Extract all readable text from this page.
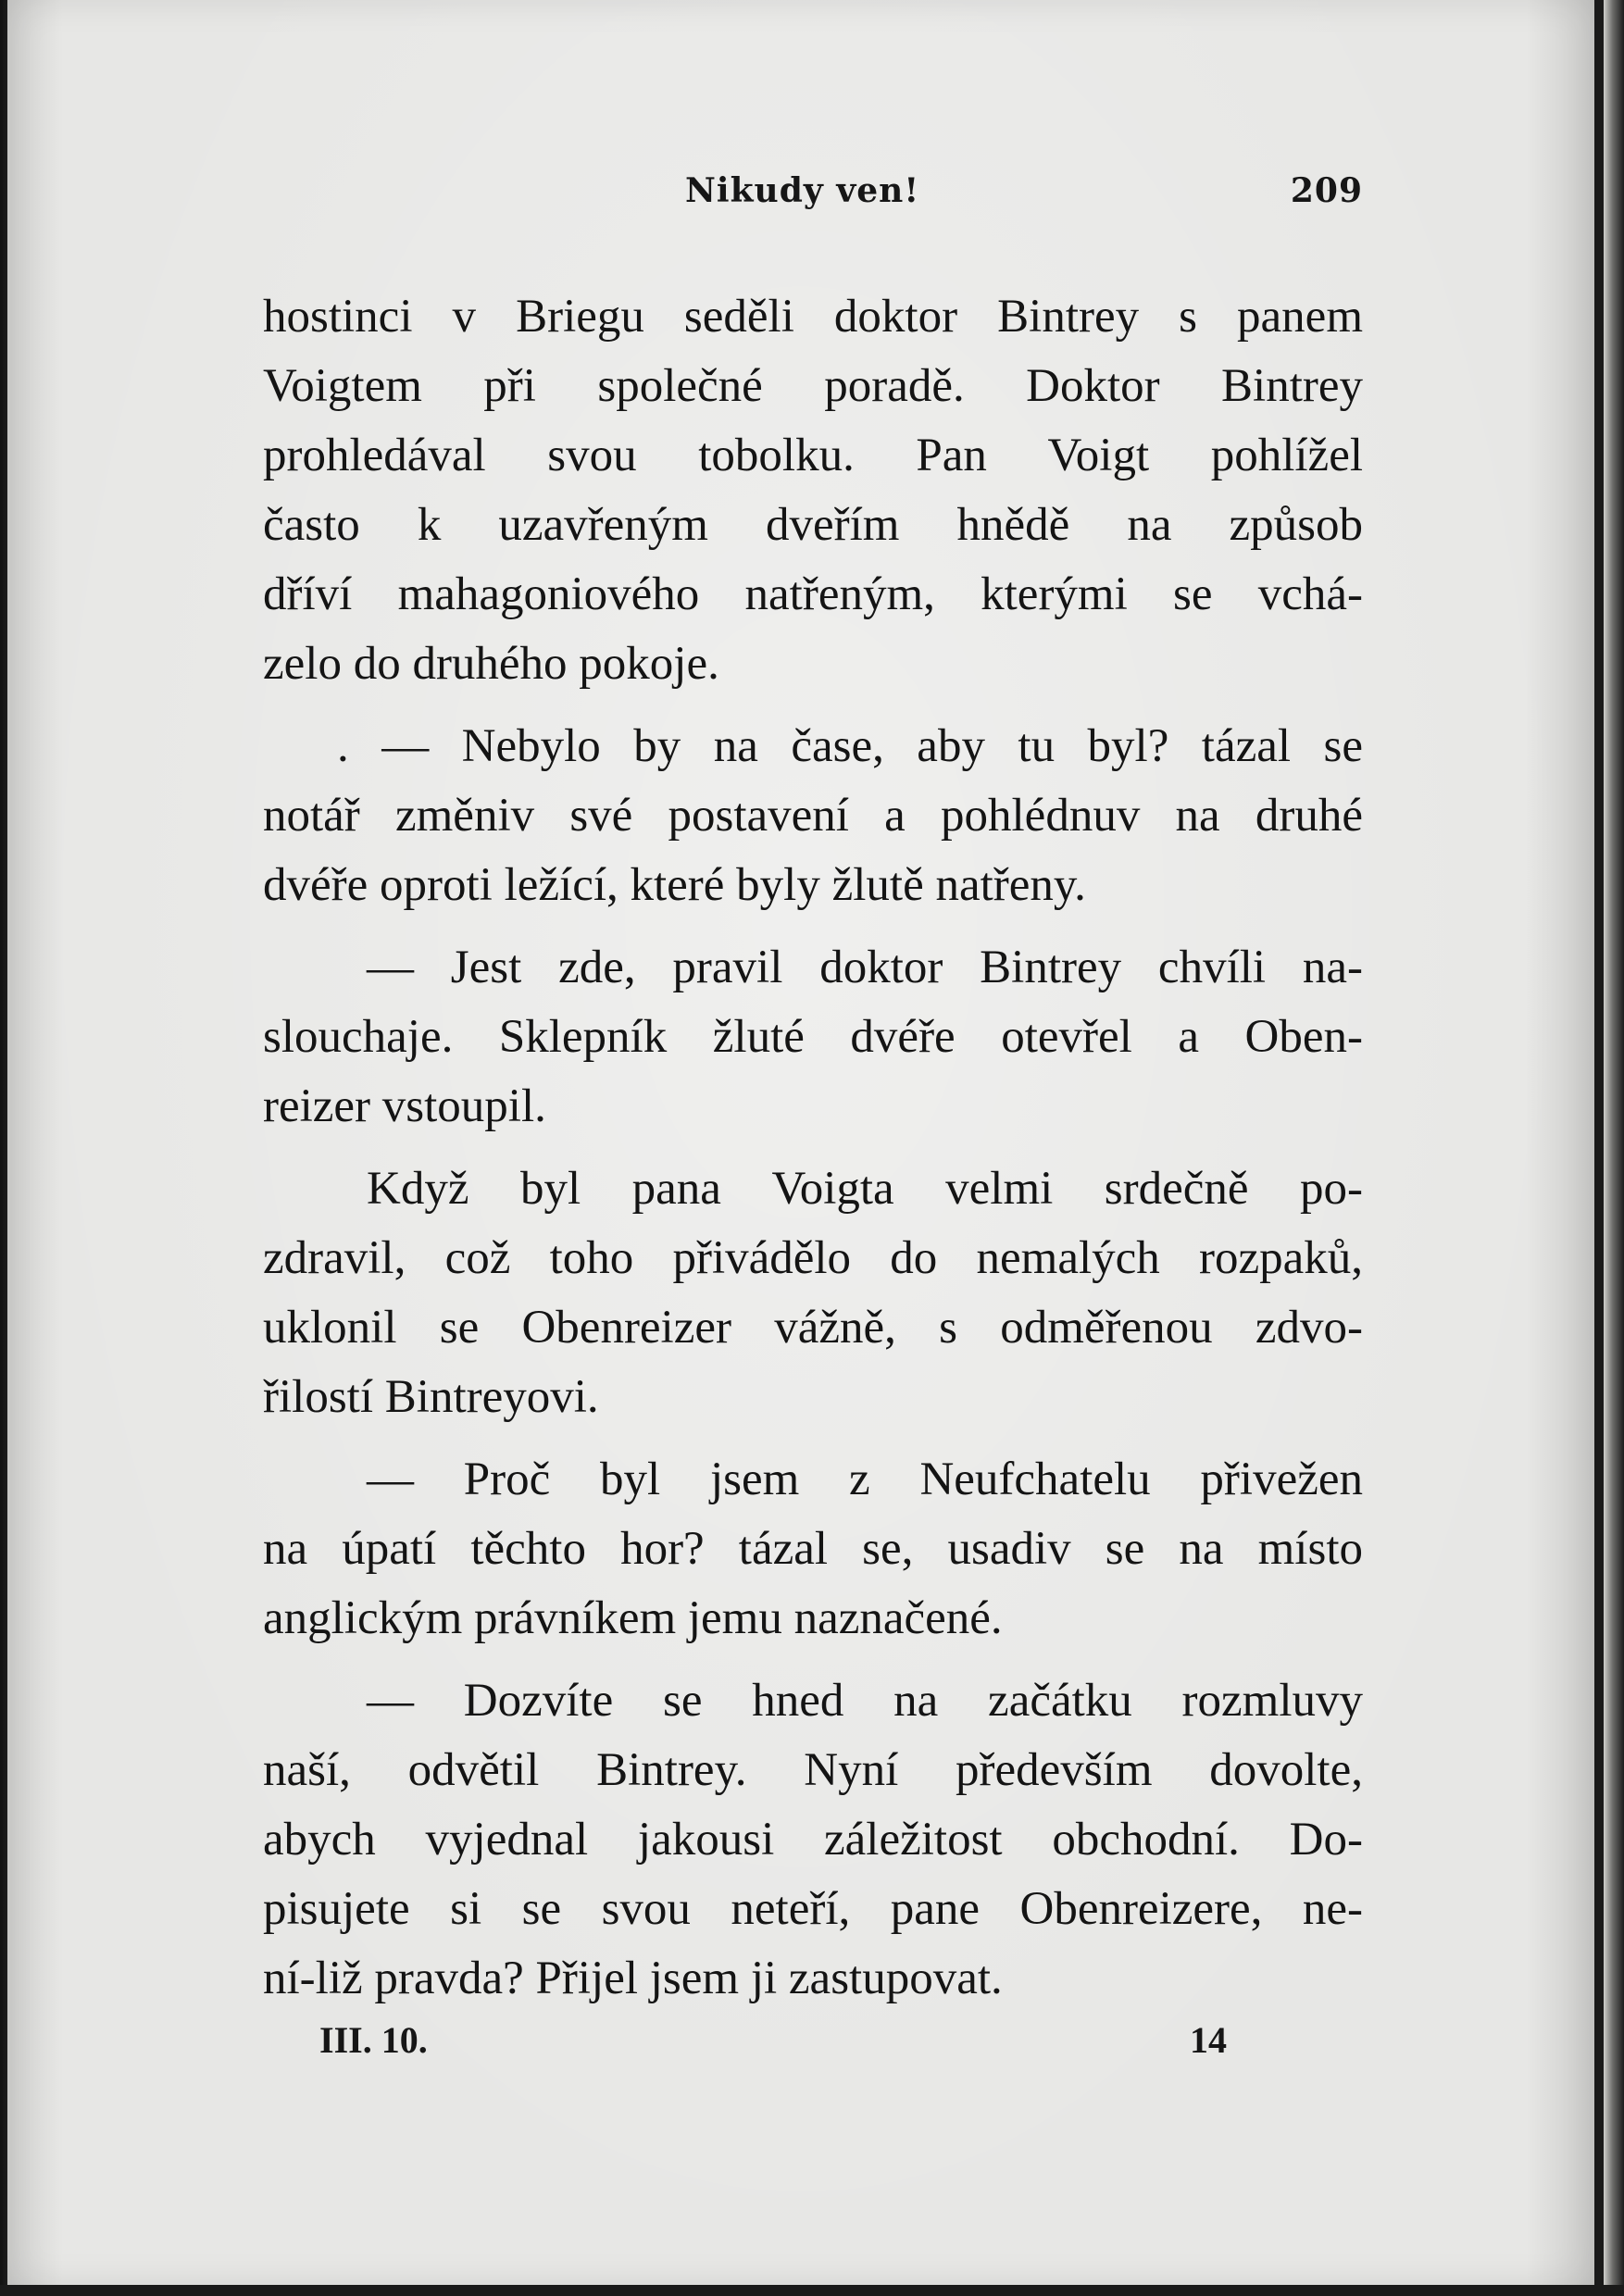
Nikudy ven!	209

hostinci v Briegu seděli doktor Bintrey s panem
Voigtem při společné poradě. Doktor Bintrey
prohledával svou tobolku. Pan Voigt pohlížel
často k uzavřeným dveřím hnědě na způsob
dříví mahagoniového natřeným, kterými se vchá-
zelo do druhého pokoje.

. — Nebylo by na čase, aby tu byl? tázal se
notář změniv své postavení a pohlédnuv na druhé
dvéře oproti ležící, které byly žlutě natřeny.

— Jest zde, pravil doktor Bintrey chvíli na-
slouchaje. Sklepník žluté dvéře otevřel a Oben-
reizer vstoupil.

Když byl pana Voigta velmi srdečně po-
zdravil, což toho přivádělo do nemalých rozpaků,
uklonil se Obenreizer vážně, s odměřenou zdvo-
řilostí Bintreyovi.

— Proč byl jsem z Neufchatelu přivežen
na úpatí těchto hor? tázal se, usadiv se na místo
anglickým právníkem jemu naznačené.

— Dozvíte se hned na začátku rozmluvy
naší, odvětil Bintrey. Nyní především dovolte,
abych vyjednal jakousi záležitost obchodní. Do-
pisujete si se svou neteří, pane Obenreizere, ne-
ní-liž pravda? Přijel jsem ji zastupovat.

III. 10.	14
